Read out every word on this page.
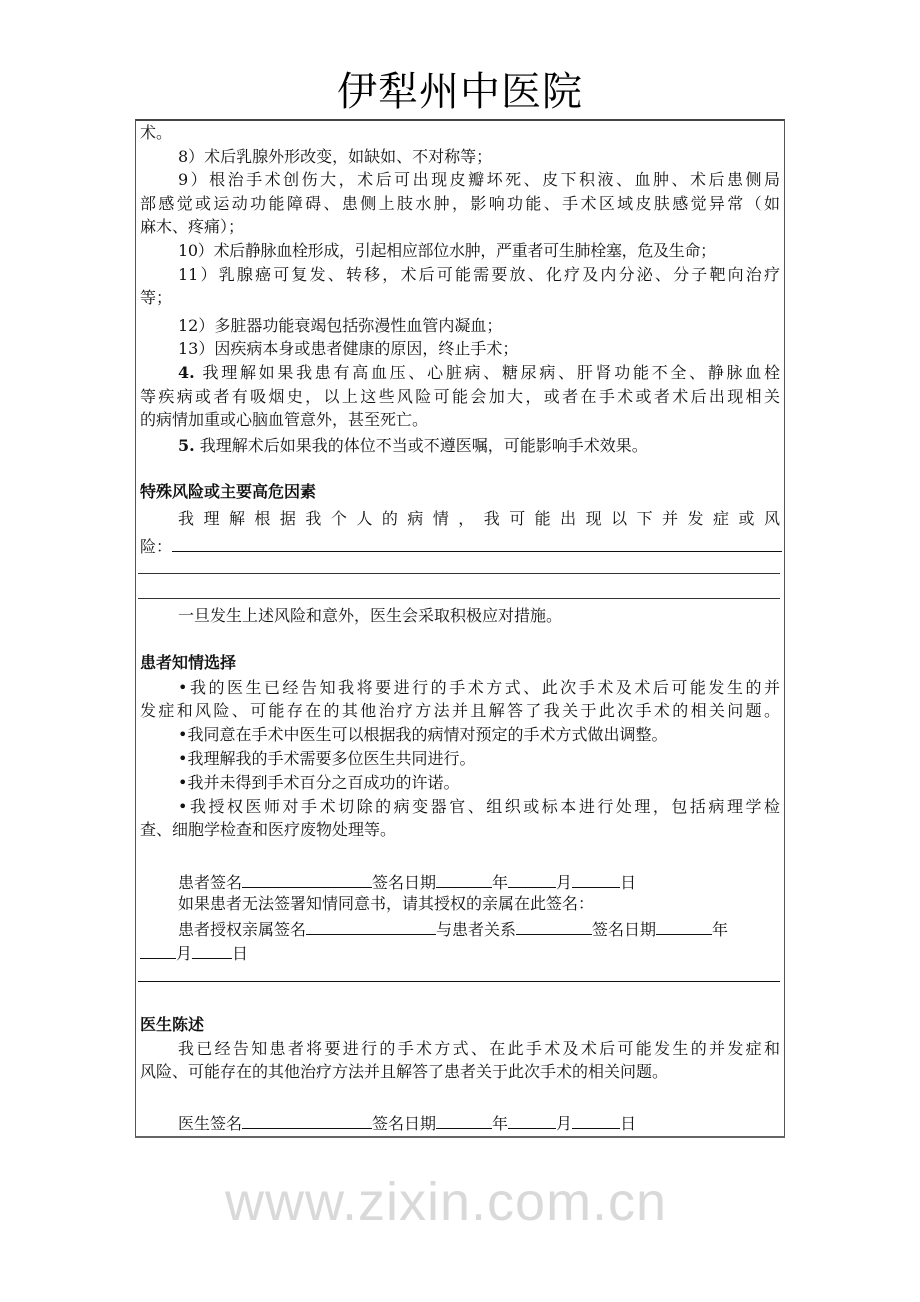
伊犁州中医院
www.zixin.com.cn
术。
8）术后乳腺外形改变，如缺如、不对称等；
9）根治手术创伤大，术后可出现皮瓣坏死、皮下积液、血肿、术后患侧局
部感觉或运动功能障碍、患侧上肢水肿，影响功能、手术区域皮肤感觉异常（如
麻木、疼痛）；
10）术后静脉血栓形成，引起相应部位水肿，严重者可生肺栓塞，危及生命；
11）乳腺癌可复发、转移，术后可能需要放、化疗及内分泌、分子靶向治疗
等；
12）多脏器功能衰竭包括弥漫性血管内凝血；
13）因疾病本身或患者健康的原因，终止手术；
4. 我理解如果我患有高血压、心脏病、糖尿病、肝肾功能不全、静脉血栓
等疾病或者有吸烟史，以上这些风险可能会加大，或者在手术或者术后出现相关
的病情加重或心脑血管意外，甚至死亡。
5. 我理解术后如果我的体位不当或不遵医嘱，可能影响手术效果。
特殊风险或主要高危因素
我理解根据我个人的病情，我可能出现以下并发症或风
险：
一旦发生上述风险和意外，医生会采取积极应对措施。
患者知情选择
•我的医生已经告知我将要进行的手术方式、此次手术及术后可能发生的并
发症和风险、可能存在的其他治疗方法并且解答了我关于此次手术的相关问题。
•我同意在手术中医生可以根据我的病情对预定的手术方式做出调整。
•我理解我的手术需要多位医生共同进行。
•我并未得到手术百分之百成功的许诺。
•我授权医师对手术切除的病变器官、组织或标本进行处理，包括病理学检
查、细胞学检查和医疗废物处理等。
患者签名	签名日期	年	月	日
如果患者无法签署知情同意书，请其授权的亲属在此签名：
患者授权亲属签名	与患者关系	签名日期	年
月	日
医生陈述
我已经告知患者将要进行的手术方式、在此手术及术后可能发生的并发症和
风险、可能存在的其他治疗方法并且解答了患者关于此次手术的相关问题。
医生签名	签名日期	年	月	日
